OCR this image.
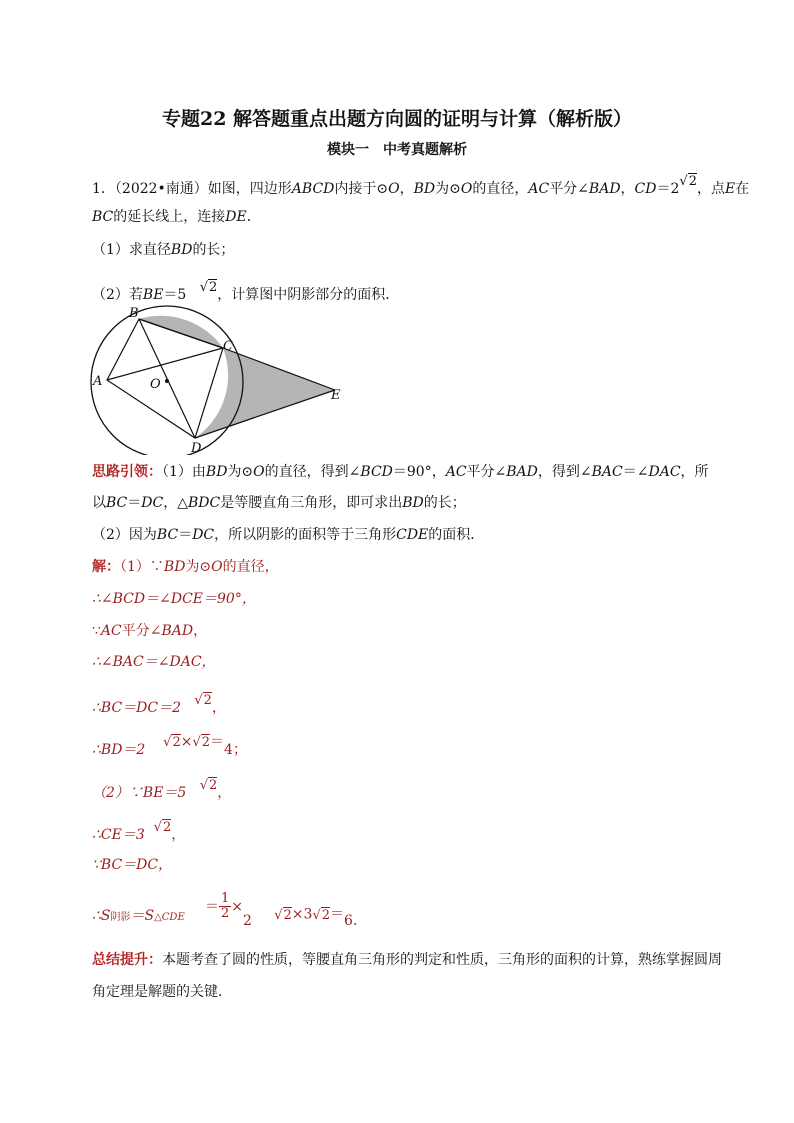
专题22 解答题重点出题方向圆的证明与计算（解析版）
模块一　中考真题解析
1．（2022•南通）如图，四边形ABCD内接于⊙O，BD为⊙O的直径，AC平分∠BAD，CD＝2√2，点E在
BC的延长线上，连接DE．
（1）求直径BD的长；
（2）若BE＝5 √2，计算图中阴影部分的面积．
A
B
C
D
E
O
思路引领：（1）由BD为⊙O的直径，得到∠BCD＝90°，AC平分∠BAD，得到∠BAC＝∠DAC，所
以BC＝DC，△BDC是等腰直角三角形，即可求出BD的长；
（2）因为BC＝DC，所以阴影的面积等于三角形CDE的面积．
解：（1）∵BD为⊙O的直径，
∴∠BCD＝∠DCE＝90°，
∵AC平分∠BAD，
∴∠BAC＝∠DAC，
∴BC＝DC＝2 √2，
∴BD＝2 √2×√2＝4；
（2）∵BE＝5 √2，
∴CE＝3 √2，
∵BC＝DC，
∴S阴影＝S△CDE
＝ $\frac{1}{2} \times 2$ √2×3√2＝6．
总结提升：本题考查了圆的性质，等腰直角三角形的判定和性质，三角形的面积的计算，熟练掌握圆周
角定理是解题的关键．
